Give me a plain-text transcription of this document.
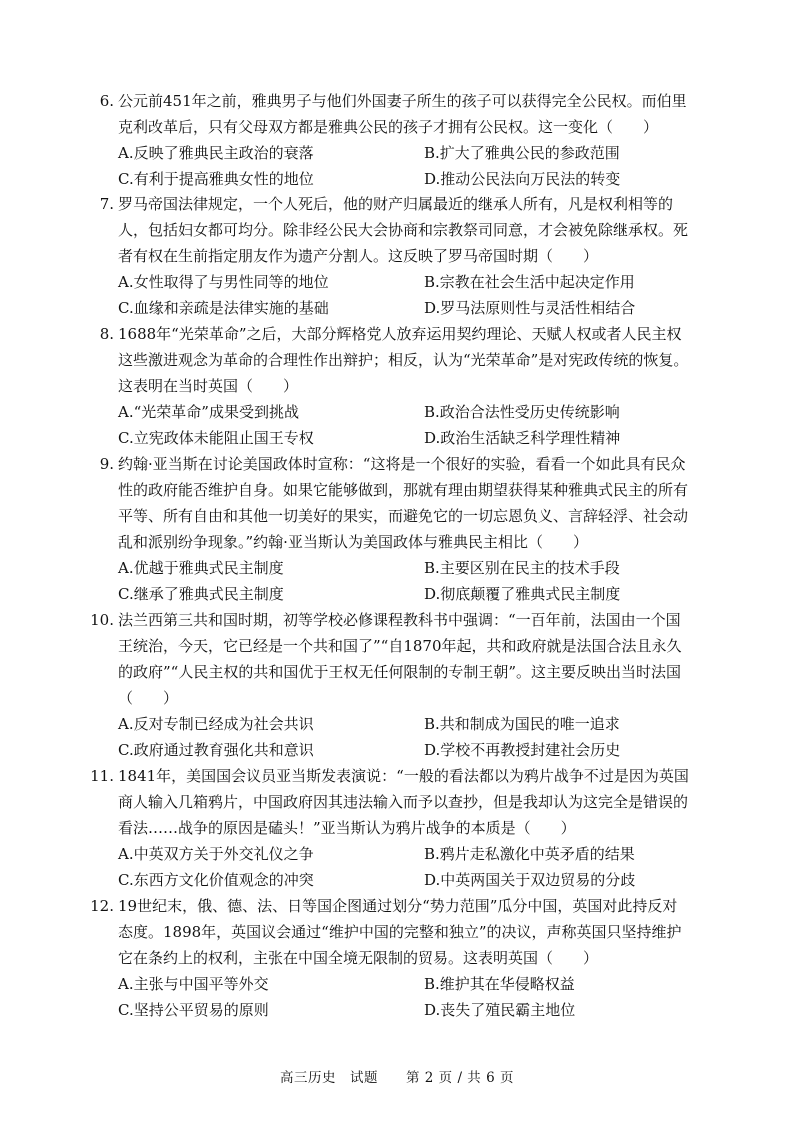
6. 公元前451年之前，雅典男子与他们外国妻子所生的孩子可以获得完全公民权。而伯里克利改革后，只有父母双方都是雅典公民的孩子才拥有公民权。这一变化（　　）
A.反映了雅典民主政治的衰落	B.扩大了雅典公民的参政范围
C.有利于提高雅典女性的地位	D.推动公民法向万民法的转变
7. 罗马帝国法律规定，一个人死后，他的财产归属最近的继承人所有，凡是权利相等的人，包括妇女都可均分。除非经公民大会协商和宗教祭司同意，才会被免除继承权。死者有权在生前指定朋友作为遗产分割人。这反映了罗马帝国时期（　　）
A.女性取得了与男性同等的地位	B.宗教在社会生活中起决定作用
C.血缘和亲疏是法律实施的基础	D.罗马法原则性与灵活性相结合
8. 1688年“光荣革命”之后，大部分辉格党人放弃运用契约理论、天赋人权或者人民主权这些激进观念为革命的合理性作出辩护；相反，认为“光荣革命”是对宪政传统的恢复。这表明在当时英国（　　）
A.“光荣革命”成果受到挑战	B.政治合法性受历史传统影响
C.立宪政体未能阻止国王专权	D.政治生活缺乏科学理性精神
9. 约翰·亚当斯在讨论美国政体时宣称：“这将是一个很好的实验，看看一个如此具有民众性的政府能否维护自身。如果它能够做到，那就有理由期望获得某种雅典式民主的所有平等、所有自由和其他一切美好的果实，而避免它的一切忘恩负义、言辞轻浮、社会动乱和派别纷争现象。”约翰·亚当斯认为美国政体与雅典民主相比（　　）
A.优越于雅典式民主制度	B.主要区别在民主的技术手段
C.继承了雅典式民主制度	D.彻底颠覆了雅典式民主制度
10. 法兰西第三共和国时期，初等学校必修课程教科书中强调：“一百年前，法国由一个国王统治，今天，它已经是一个共和国了”“自1870年起，共和政府就是法国合法且永久的政府”“人民主权的共和国优于王权无任何限制的专制王朝”。这主要反映出当时法国（　　）
A.反对专制已经成为社会共识	B.共和制成为国民的唯一追求
C.政府通过教育强化共和意识	D.学校不再教授封建社会历史
11. 1841年，美国国会议员亚当斯发表演说：“一般的看法都以为鸦片战争不过是因为英国商人输入几箱鸦片，中国政府因其违法输入而予以查抄，但是我却认为这完全是错误的看法……战争的原因是磕头！”亚当斯认为鸦片战争的本质是（　　）
A.中英双方关于外交礼仪之争	B.鸦片走私激化中英矛盾的结果
C.东西方文化价值观念的冲突	D.中英两国关于双边贸易的分歧
12. 19世纪末，俄、德、法、日等国企图通过划分“势力范围”瓜分中国，英国对此持反对态度。1898年，英国议会通过“维护中国的完整和独立”的决议，声称英国只坚持维护它在条约上的权利，主张在中国全境无限制的贸易。这表明英国（　　）
A.主张与中国平等外交	B.维护其在华侵略权益
C.坚持公平贸易的原则	D.丧失了殖民霸主地位
高三历史　试题　　第 2 页 / 共 6 页
